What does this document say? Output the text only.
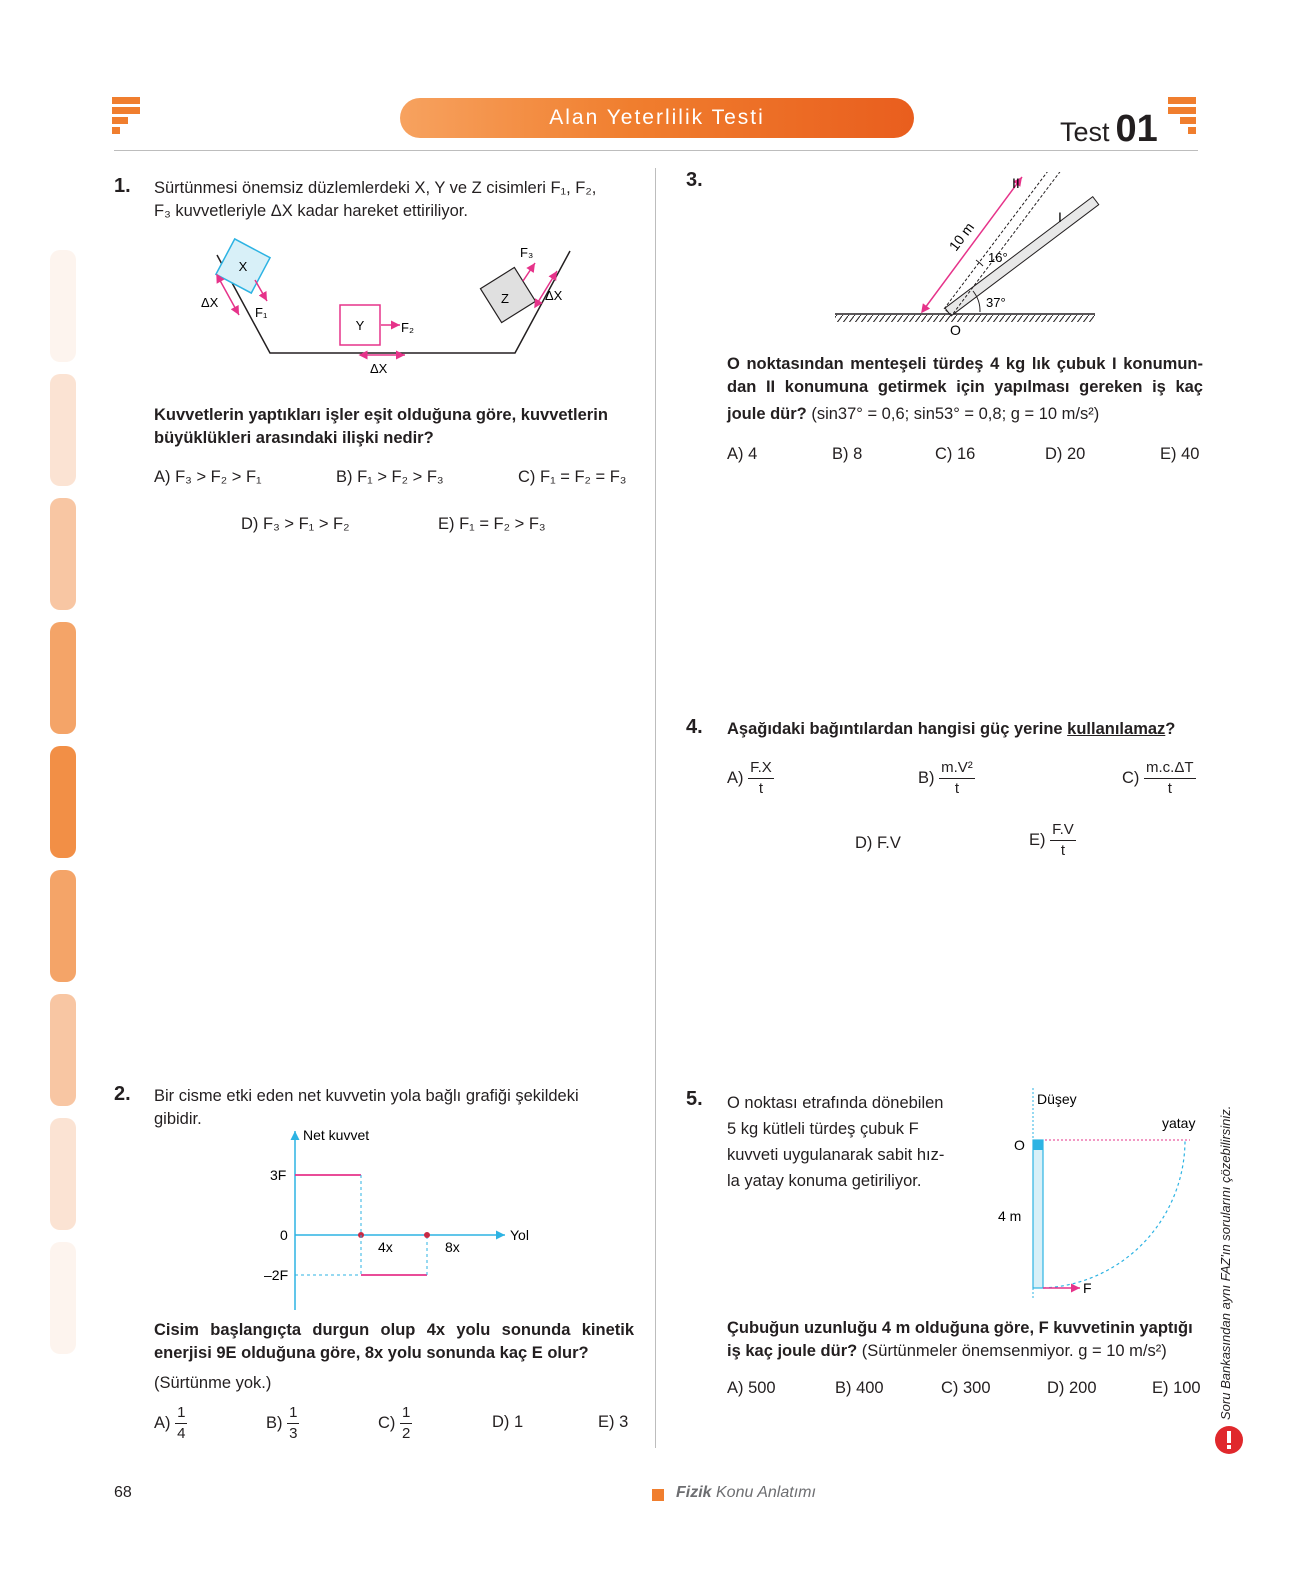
Alan Yeterlilik Testi	Test 01
1. Sürtünmesi önemsiz düzlemlerdeki X, Y ve Z cisimleri F₁, F₂,
F₃ kuvvetleriyle ΔX kadar hareket ettiriliyor.
X
ΔX
F₁
Y	F₂
ΔX
Z
F₃
ΔX
Kuvvetlerin yaptıkları işler eşit olduğuna göre, kuvvetlerin
büyüklükleri arasındaki ilişki nedir?
A) F₃ > F₂ > F₁	B) F₁ > F₂ > F₃	C) F₁ = F₂ = F₃
D) F₃ > F₁ > F₂	E) F₁ = F₂ > F₃
2. Bir cisme etki eden net kuvvetin yola bağlı grafiği şekildeki
gibidir.
Net kuvvet
Yol
3F
0
–2F
4x	8x
Cisim başlangıçta durgun olup 4x yolu sonunda kinetik
enerjisi 9E olduğuna göre, 8x yolu sonunda kaç E olur?
(Sürtünme yok.)
$A) \frac{1}{4}$	$B) \frac{1}{3}$	$C) \frac{1}{2}$	D) 1	E) 3
3.
10 m
37°
16°
I
II
O
O noktasından menteşeli türdeş 4 kg lık çubuk I konumun-
dan II konumuna getirmek için yapılması gereken iş kaç
joule dür? (sin37° = 0,6; sin53° = 0,8; g = 10 m/s²)
A) 4	B) 8	C) 16	D) 20	E) 40
4. Aşağıdaki bağıntılardan hangisi güç yerine kullanılamaz?
$A) \frac{F.X}{t}$	$B) \frac{\text{m.V²}}{t}$	$C) \frac{m.c.\Delta T}{t}$
D) F.V	$E) \frac{F.V}{t}$
5. O noktası etrafında dönebilen
5 kg kütleli türdeş çubuk F
kuvveti uygulanarak sabit hız-
la yatay konuma getiriliyor.
Düşey
yatay
O
4 m
F
Çubuğun uzunluğu 4 m olduğuna göre, F kuvvetinin yaptığı
iş kaç joule dür? (Sürtünmeler önemsenmiyor. g = 10 m/s²)
A) 500	B) 400	C) 300	D) 200	E) 100 Soru Bankasından aynı FAZ'ın sorularını çözebilirsiniz.
68	Fizik Konu Anlatımı
